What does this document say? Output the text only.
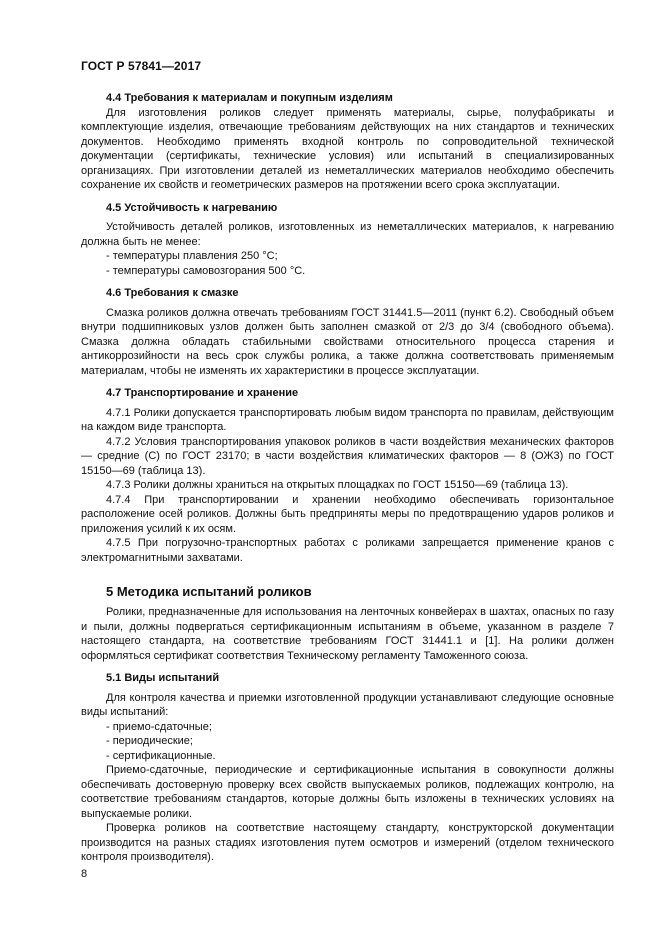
ГОСТ Р 57841—2017
4.4 Требования к материалам и покупным изделиям

Для изготовления роликов следует применять материалы, сырье, полуфабрикаты и комплектующие изделия, отвечающие требованиям действующих на них стандартов и технических документов. Необходимо применять входной контроль по сопроводительной технической документации (сертификаты, технические условия) или испытаний в специализированных организациях. При изготовлении деталей из неметаллических материалов необходимо обеспечить сохранение их свойств и геометрических размеров на протяжении всего срока эксплуатации.

4.5 Устойчивость к нагреванию

Устойчивость деталей роликов, изготовленных из неметаллических материалов, к нагреванию должна быть не менее:

- температуры плавления 250 °С;
- температуры самовозгорания 500 °С.
4.6 Требования к смазке

Смазка роликов должна отвечать требованиям ГОСТ 31441.5—2011 (пункт 6.2). Свободный объем внутри подшипниковых узлов должен быть заполнен смазкой от 2/3 до 3/4 (свободного объема). Смазка должна обладать стабильными свойствами относительного процесса старения и антикоррозийности на весь срок службы ролика, а также должна соответствовать применяемым материалам, чтобы не изменять их характеристики в процессе эксплуатации.

4.7 Транспортирование и хранение

4.7.1 Ролики допускается транспортировать любым видом транспорта по правилам, действующим на каждом виде транспорта.

4.7.2 Условия транспортирования упаковок роликов в части воздействия механических факторов — средние (С) по ГОСТ 23170; в части воздействия климатических факторов — 8 (ОЖ3) по ГОСТ 15150—69 (таблица 13).

4.7.3 Ролики должны храниться на открытых площадках по ГОСТ 15150—69 (таблица 13).

4.7.4 При транспортировании и хранении необходимо обеспечивать горизонтальное расположение осей роликов. Должны быть предприняты меры по предотвращению ударов роликов и приложения усилий к их осям.

4.7.5 При погрузочно-транспортных работах с роликами запрещается применение кранов с электромагнитными захватами.

5 Методика испытаний роликов

Ролики, предназначенные для использования на ленточных конвейерах в шахтах, опасных по газу и пыли, должны подвергаться сертификационным испытаниям в объеме, указанном в разделе 7 настоящего стандарта, на соответствие требованиям ГОСТ 31441.1 и [1]. На ролики должен оформляться сертификат соответствия Техническому регламенту Таможенного союза.

5.1 Виды испытаний

Для контроля качества и приемки изготовленной продукции устанавливают следующие основные виды испытаний:

- приемо-сдаточные;
- периодические;
- сертификационные.

Приемо-сдаточные, периодические и сертификационные испытания в совокупности должны обеспечивать достоверную проверку всех свойств выпускаемых роликов, подлежащих контролю, на соответствие требованиям стандартов, которые должны быть изложены в технических условиях на выпускаемые ролики.

Проверка роликов на соответствие настоящему стандарту, конструкторской документации производится на разных стадиях изготовления путем осмотров и измерений (отделом технического контроля производителя).

8
